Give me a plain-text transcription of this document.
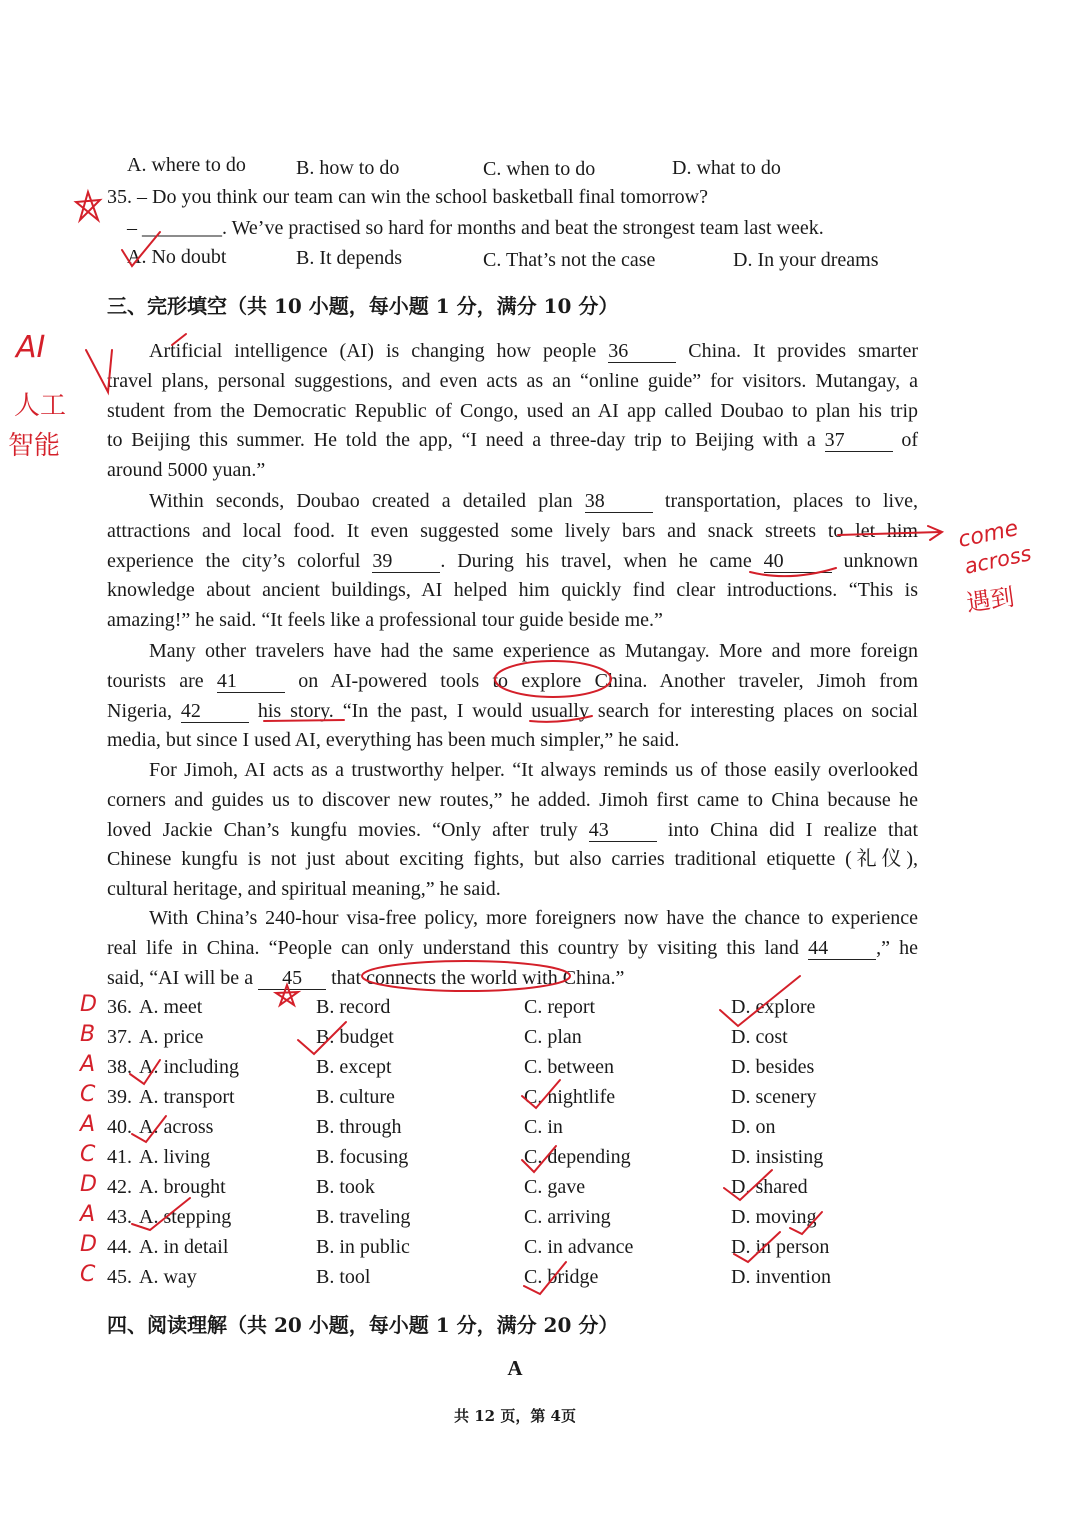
A. where to do	B. how to do	C. when to do	D. what to do
35. – Do you think our team can win the school basketball final tomorrow?
– ________. We’ve practised so hard for months and beat the strongest team last week.
A. No doubt	B. It depends	C. That’s not the case	D. In your dreams
三、完形填空（共 10 小题，每小题 1 分，满分 10 分）
Artificial intelligence (AI) is changing how people 36 China. It provides smarter
travel plans, personal suggestions, and even acts as an “online guide” for visitors. Mutangay, a
student from the Democratic Republic of Congo, used an AI app called Doubao to plan his trip
to Beijing this summer. He told the app, “I need a three-day trip to Beijing with a 37 of
around 5000 yuan.”
Within seconds, Doubao created a detailed plan 38 transportation, places to live,
attractions and local food. It even suggested some lively bars and snack streets to let him
experience the city’s colorful 39 . During his travel, when he came 40 unknown
knowledge about ancient buildings, AI helped him quickly find clear introductions. “This is
amazing!” he said. “It feels like a professional tour guide beside me.”
Many other travelers have had the same experience as Mutangay. More and more foreign
tourists are 41 on AI-powered tools to explore China. Another traveler, Jimoh from
Nigeria, 42 his story. “In the past, I would usually search for interesting places on social
media, but since I used AI, everything has been much simpler,” he said.
For Jimoh, AI acts as a trustworthy helper. “It always reminds us of those easily overlooked
corners and guides us to discover new routes,” he added. Jimoh first came to China because he
loved Jackie Chan’s kungfu movies. “Only after truly 43 into China did I realize that
Chinese kungfu is not just about exciting fights, but also carries traditional etiquette (礼仪),
cultural heritage, and spiritual meaning,” he said.
With China’s 240-hour visa-free policy, more foreigners now have the chance to experience
real life in China. “People can only understand this country by visiting this land 44 ,” he
said, “AI will be a 45 that connects the world with China.”
36. A. meet	B. record	C. report	D. explore
37. A. price	B. budget	C. plan	D. cost
38. A. including	B. except	C. between	D. besides
39. A. transport	B. culture	C. nightlife	D. scenery
40. A. across	B. through	C. in	D. on
41. A. living	B. focusing	C. depending	D. insisting
42. A. brought	B. took	C. gave	D. shared
43. A. stepping	B. traveling	C. arriving	D. moving
44. A. in detail	B. in public	C. in advance	D. in person
45. A. way	B. tool	C. bridge	D. invention
四、阅读理解（共 20 小题，每小题 1 分，满分 20 分）
A
共 12 页，第 4页
AI
人工
智能
come
across
遇到
D
B
A
C
A
C
D
A
D
C
